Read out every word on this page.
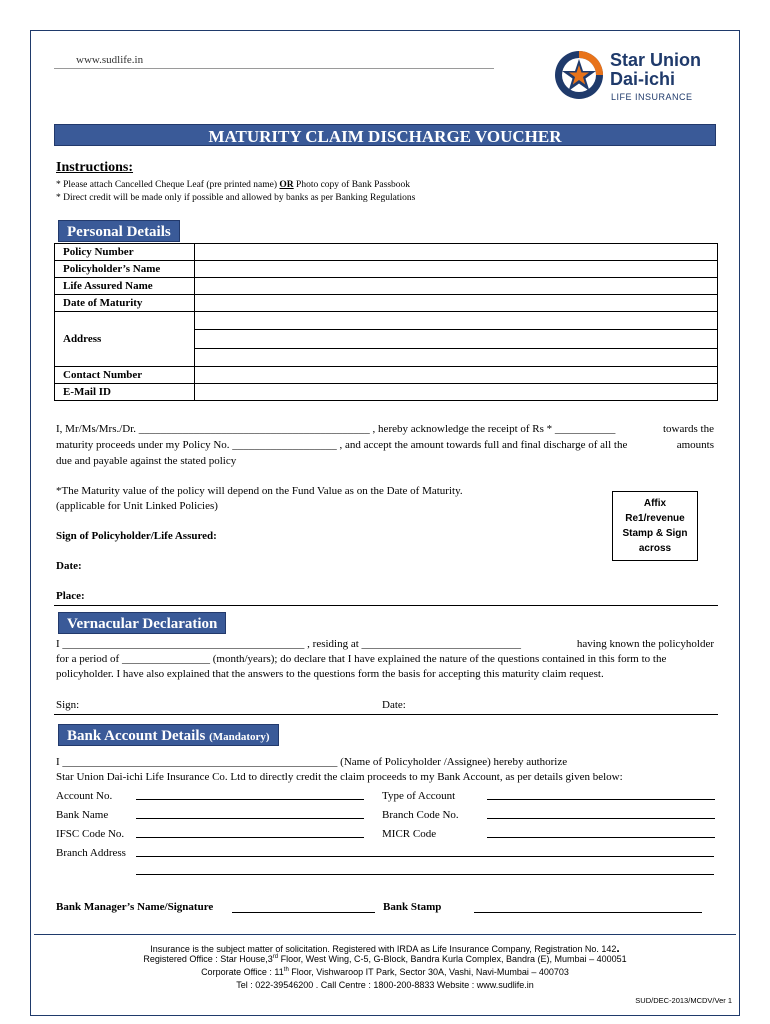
www.sudlife.in	Star Union
Dai-ichi
LIFE INSURANCE
MATURITY CLAIM DISCHARGE VOUCHER
Instructions:
* Please attach Cancelled Cheque Leaf (pre printed name) OR Photo copy of Bank Passbook
* Direct credit will be made only if possible and allowed by banks as per Banking Regulations
Personal Details
Policy Number	
Policyholder’s Name	
Life Assured Name	
Date of Maturity	
Address	

Contact Number	
E-Mail ID	
I, Mr/Ms/Mrs./Dr. __________________________________________ , hereby acknowledge the receipt of Rs * ___________	towards the
maturity proceeds under my Policy No. ___________________ , and accept the amount towards full and final discharge of all the	amounts
due and payable against the stated policy
*The Maturity value of the policy will depend on the Fund Value as on the Date of Maturity.
(applicable for Unit Linked Policies)	Affix
Re1/revenue
Stamp & Sign
across
Sign of Policyholder/Life Assured:
Date:
Place:
Vernacular Declaration
I ____________________________________________ , residing at _____________________________	having known the policyholder
for a period of ________________ (month/years); do declare that I have explained the nature of the questions contained in this form to the
policyholder. I have also explained that the answers to the questions form the basis for accepting this maturity claim request.
Sign:	Date:
Bank Account Details (Mandatory)
I __________________________________________________ (Name of Policyholder /Assignee) hereby authorize
Star Union Dai-ichi Life Insurance Co. Ltd to directly credit the claim proceeds to my Bank Account, as per details given below:
Account No.	Type of Account
Bank Name	Branch Code No.
IFSC Code No.	MICR Code
Branch Address
Bank Manager’s Name/Signature	Bank Stamp
Insurance is the subject matter of solicitation. Registered with IRDA as Life Insurance Company, Registration No. 142.
Registered Office : Star House,3rd Floor, West Wing, C-5, G-Block, Bandra Kurla Complex, Bandra (E), Mumbai – 400051
Corporate Office : 11th Floor, Vishwaroop IT Park, Sector 30A, Vashi, Navi-Mumbai – 400703
Tel : 022-39546200 . Call Centre : 1800-200-8833 Website : www.sudlife.in
SUD/DEC-2013/MCDV/Ver 1
